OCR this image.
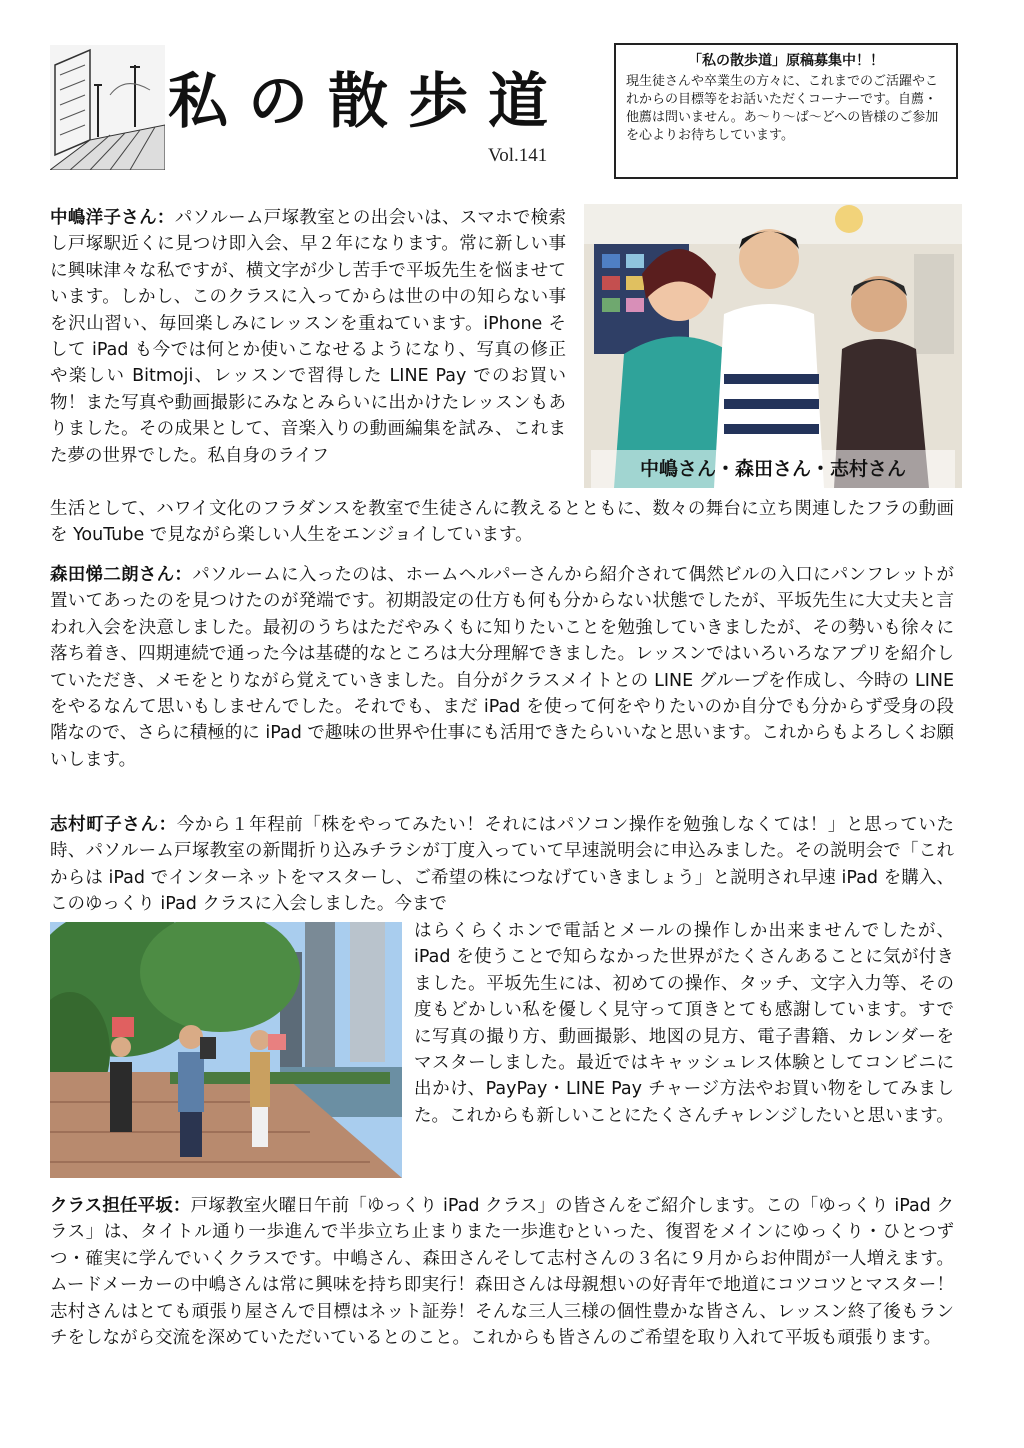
私の散歩道
Vol.141
「私の散歩道」原稿募集中！！
現生徒さんや卒業生の方々に、これまでのご活躍やこれからの目標等をお話いただくコーナーです。自薦・他薦は問いません。あ～り～ば～どへの皆様のご参加を心よりお待ちしています。
中嶋洋子さん：パソルーム戸塚教室との出会いは、スマホで検索し戸塚駅近くに見つけ即入会、早２年になります。常に新しい事に興味津々な私ですが、横文字が少し苦手で平坂先生を悩ませています。しかし、このクラスに入ってからは世の中の知らない事を沢山習い、毎回楽しみにレッスンを重ねています。iPhone そして iPad も今では何とか使いこなせるようになり、写真の修正や楽しい Bitmoji、レッスンで習得した LINE Pay でのお買い物！また写真や動画撮影にみなとみらいに出かけたレッスンもありました。その成果として、音楽入りの動画編集を試み、これまた夢の世界でした。私自身のライフ
生活として、ハワイ文化のフラダンスを教室で生徒さんに教えるとともに、数々の舞台に立ち関連したフラの動画を YouTube で見ながら楽しい人生をエンジョイしています。
中嶋さん・森田さん・志村さん
森田悌二朗さん：パソルームに入ったのは、ホームヘルパーさんから紹介されて偶然ビルの入口にパンフレットが置いてあったのを見つけたのが発端です。初期設定の仕方も何も分からない状態でしたが、平坂先生に大丈夫と言われ入会を決意しました。最初のうちはただやみくもに知りたいことを勉強していきましたが、その勢いも徐々に落ち着き、四期連続で通った今は基礎的なところは大分理解できました。レッスンではいろいろなアプリを紹介していただき、メモをとりながら覚えていきました。自分がクラスメイトとの LINE グループを作成し、今時の LINE をやるなんて思いもしませんでした。それでも、まだ iPad を使って何をやりたいのか自分でも分からず受身の段階なので、さらに積極的に iPad で趣味の世界や仕事にも活用できたらいいなと思います。これからもよろしくお願いします。
志村町子さん：今から１年程前「株をやってみたい！それにはパソコン操作を勉強しなくては！」と思っていた時、パソルーム戸塚教室の新聞折り込みチラシが丁度入っていて早速説明会に申込みました。その説明会で「これからは iPad でインターネットをマスターし、ご希望の株につなげていきましょう」と説明され早速 iPad を購入、このゆっくり iPad クラスに入会しました。今まで
はらくらくホンで電話とメールの操作しか出来ませんでしたが、iPad を使うことで知らなかった世界がたくさんあることに気が付きました。平坂先生には、初めての操作、タッチ、文字入力等、その度もどかしい私を優しく見守って頂きとても感謝しています。すでに写真の撮り方、動画撮影、地図の見方、電子書籍、カレンダーをマスターしました。最近ではキャッシュレス体験としてコンビニに出かけ、PayPay・LINE Pay チャージ方法やお買い物をしてみました。これからも新しいことにたくさんチャレンジしたいと思います。
クラス担任平坂：戸塚教室火曜日午前「ゆっくり iPad クラス」の皆さんをご紹介します。この「ゆっくり iPad クラス」は、タイトル通り一歩進んで半歩立ち止まりまた一歩進むといった、復習をメインにゆっくり・ひとつずつ・確実に学んでいくクラスです。中嶋さん、森田さんそして志村さんの３名に９月からお仲間が一人増えます。ムードメーカーの中嶋さんは常に興味を持ち即実行！森田さんは母親想いの好青年で地道にコツコツとマスター！志村さんはとても頑張り屋さんで目標はネット証券！そんな三人三様の個性豊かな皆さん、レッスン終了後もランチをしながら交流を深めていただいているとのこと。これからも皆さんのご希望を取り入れて平坂も頑張ります。
